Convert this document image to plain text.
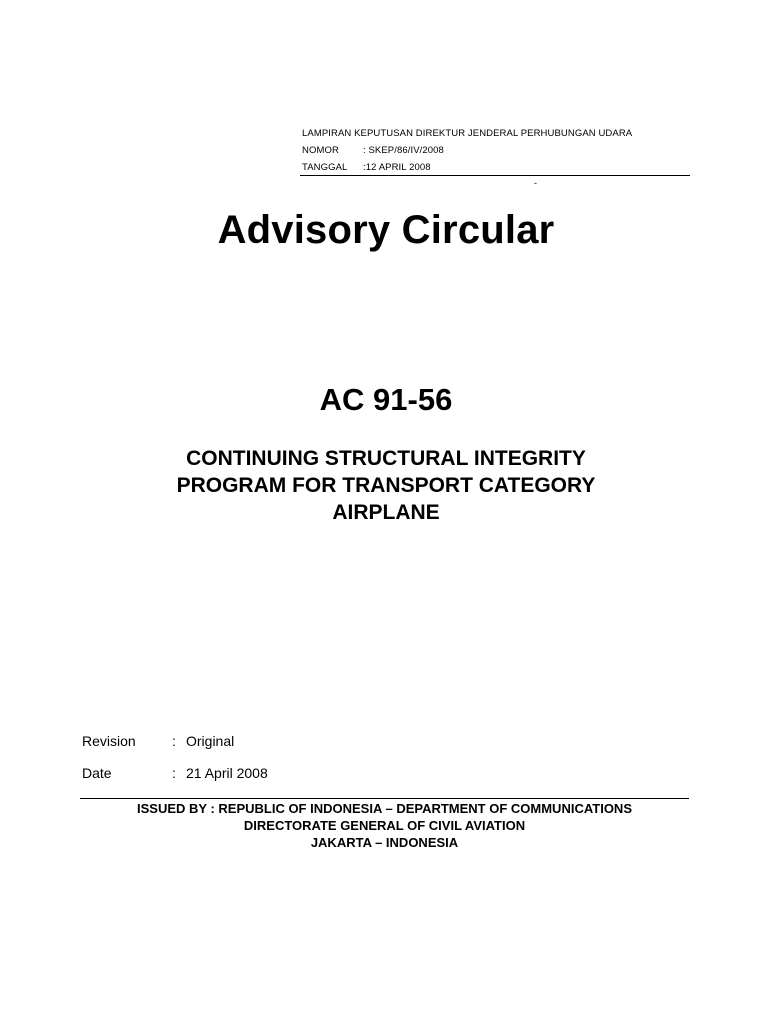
LAMPIRAN KEPUTUSAN DIREKTUR JENDERAL PERHUBUNGAN UDARA
NOMOR	: SKEP/86/IV/2008
TANGGAL :12 APRIL 2008
-
Advisory Circular
AC 91-56
CONTINUING STRUCTURAL INTEGRITY
PROGRAM FOR TRANSPORT CATEGORY
AIRPLANE
Revision	: Original
Date	: 21 April 2008
ISSUED BY : REPUBLIC OF INDONESIA – DEPARTMENT OF COMMUNICATIONS
DIRECTORATE GENERAL OF CIVIL AVIATION
JAKARTA – INDONESIA
